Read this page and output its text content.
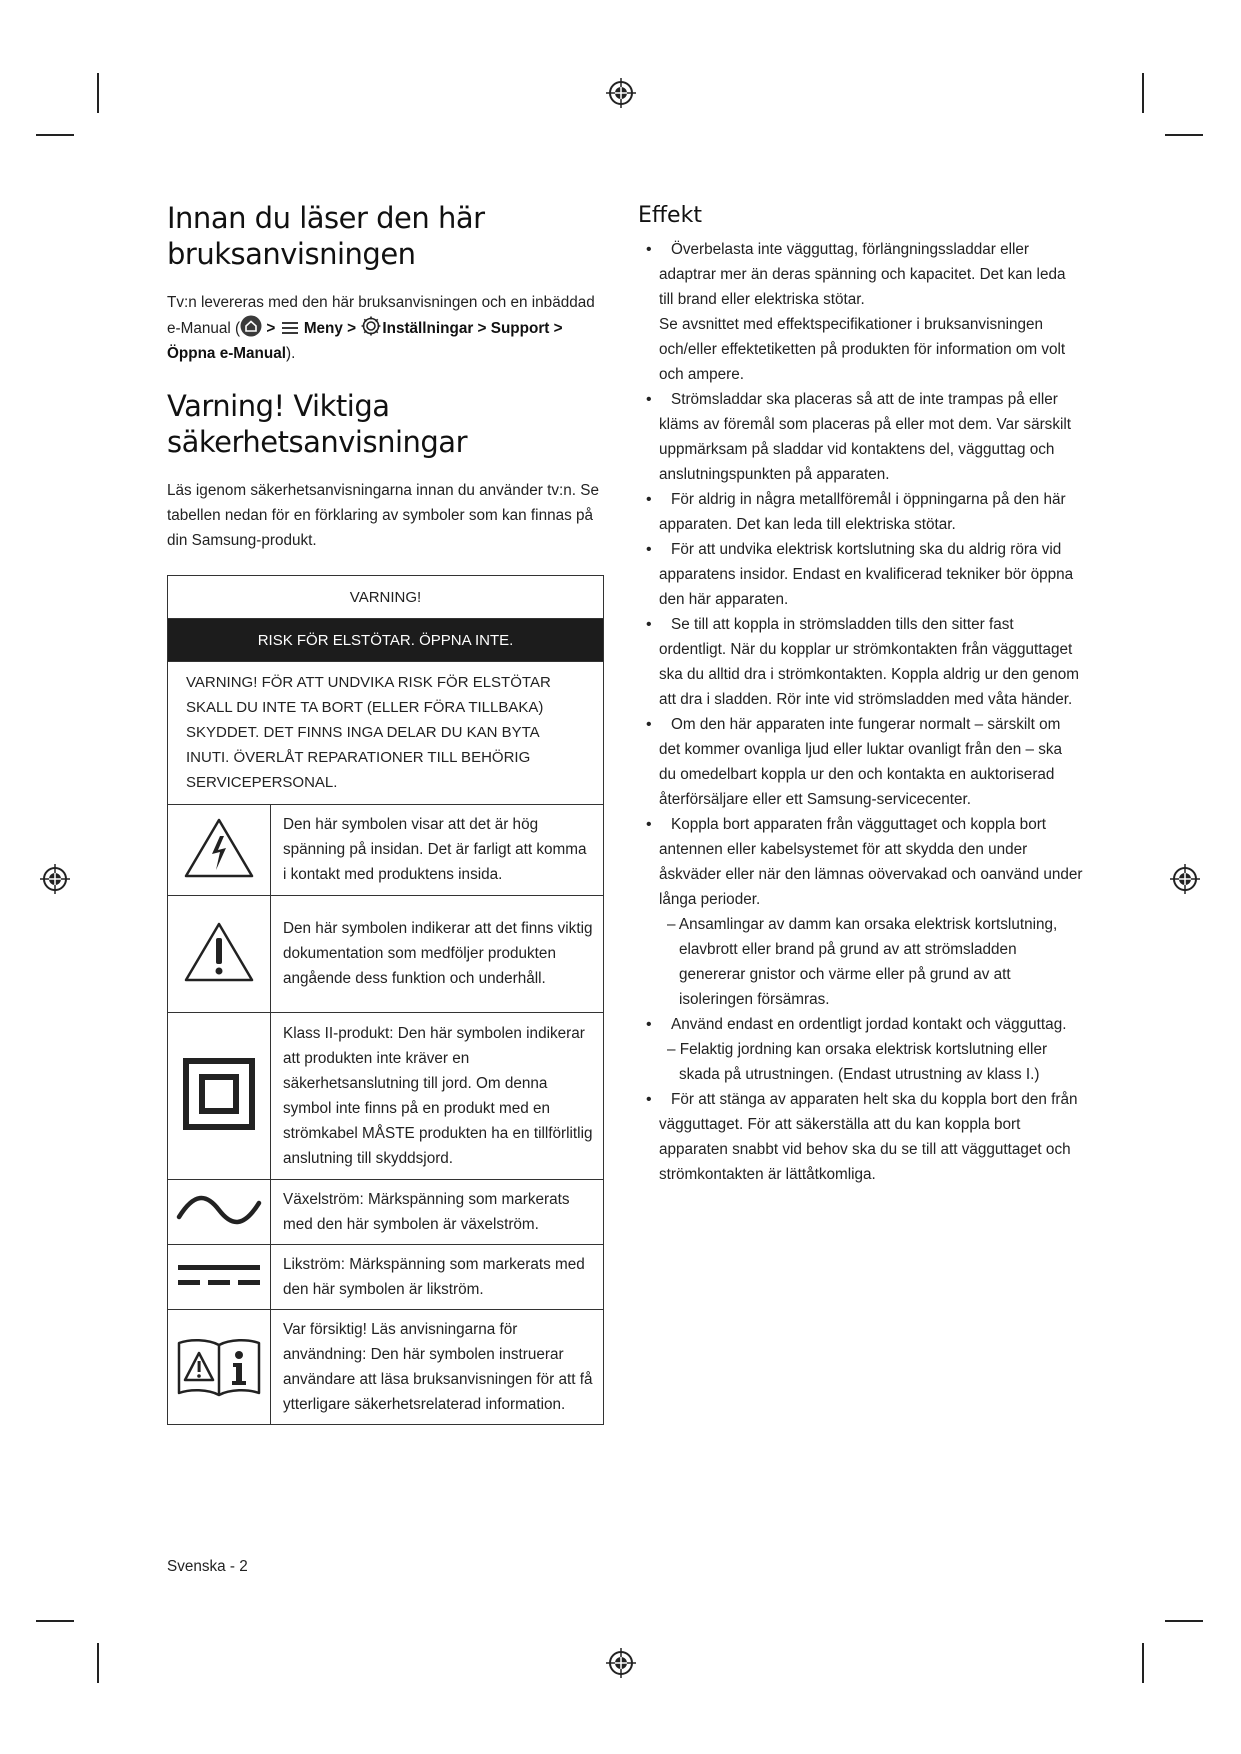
Innan du läser den här bruksanvisningen

Tv:n levereras med den här bruksanvisningen och en inbäddad e-Manual ( >  Meny > Inställningar > Support > Öppna e-Manual).

Varning! Viktiga säkerhetsanvisningar

Läs igenom säkerhetsanvisningarna innan du använder tv:n. Se tabellen nedan för en förklaring av symboler som kan finnas på din Samsung-produkt.

VARNING!	
RISK FÖR ELSTÖTAR. ÖPPNA INTE.	
VARNING! FÖR ATT UNDVIKA RISK FÖR ELSTÖTAR SKALL DU INTE TA BORT (ELLER FÖRA TILLBAKA) SKYDDET. DET FINNS INGA DELAR DU KAN BYTA INUTI. ÖVERLÅT REPARATIONER TILL BEHÖRIG SERVICEPERSONAL.	
	Den här symbolen visar att det är hög spänning på insidan. Det är farligt att komma i kontakt med produktens insida.
	Den här symbolen indikerar att det finns viktig dokumentation som medföljer produkten angående dess funktion och underhåll.
	Klass II-produkt: Den här symbolen indikerar att produkten inte kräver en säkerhetsanslutning till jord. Om denna symbol inte finns på en produkt med en strömkabel MÅSTE produkten ha en tillförlitlig anslutning till skyddsjord.
	Växelström: Märkspänning som markerats med den här symbolen är växelström.
	Likström: Märkspänning som markerats med den här symbolen är likström.
	Var försiktig! Läs anvisningarna för användning: Den här symbolen instruerar användare att läsa bruksanvisningen för att få ytterligare säkerhetsrelaterad information.
Effekt
• Överbelasta inte vägguttag, förlängningssladdar eller adaptrar mer än deras spänning och kapacitet. Det kan leda till brand eller elektriska stötar.
Se avsnittet med effektspecifikationer i bruksanvisningen och/eller effektetiketten på produkten för information om volt och ampere.
• Strömsladdar ska placeras så att de inte trampas på eller kläms av föremål som placeras på eller mot dem. Var särskilt uppmärksam på sladdar vid kontaktens del, vägguttag och anslutningspunkten på apparaten.
• För aldrig in några metallföremål i öppningarna på den här apparaten. Det kan leda till elektriska stötar.
• För att undvika elektrisk kortslutning ska du aldrig röra vid apparatens insidor. Endast en kvalificerad tekniker bör öppna den här apparaten.
• Se till att koppla in strömsladden tills den sitter fast ordentligt. När du kopplar ur strömkontakten från vägguttaget ska du alltid dra i strömkontakten. Koppla aldrig ur den genom att dra i sladden. Rör inte vid strömsladden med våta händer.
• Om den här apparaten inte fungerar normalt – särskilt om det kommer ovanliga ljud eller luktar ovanligt från den – ska du omedelbart koppla ur den och kontakta en auktoriserad återförsäljare eller ett Samsung-servicecenter.
• Koppla bort apparaten från vägguttaget och koppla bort antennen eller kabelsystemet för att skydda den under åskväder eller när den lämnas oövervakad och oanvänd under långa perioder.
– Ansamlingar av damm kan orsaka elektrisk kortslutning, elavbrott eller brand på grund av att strömsladden genererar gnistor och värme eller på grund av att isoleringen försämras.
• Använd endast en ordentligt jordad kontakt och vägguttag.
– Felaktig jordning kan orsaka elektrisk kortslutning eller skada på utrustningen. (Endast utrustning av klass I.)
• För att stänga av apparaten helt ska du koppla bort den från vägguttaget. För att säkerställa att du kan koppla bort apparaten snabbt vid behov ska du se till att vägguttaget och strömkontakten är lättåtkomliga.
Svenska - 2
